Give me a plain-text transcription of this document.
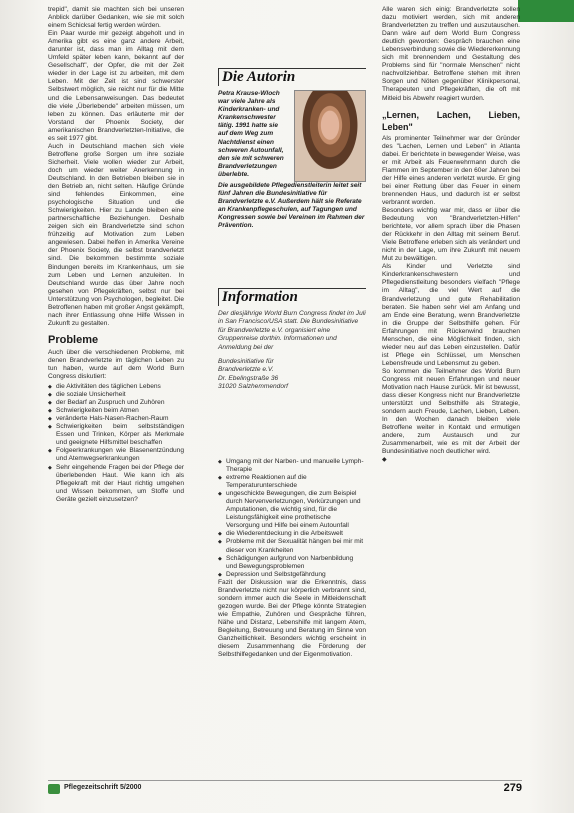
trepid", damit sie machten sich bei unseren Anblick darüber Gedanken, wie sie mit solch einem Schicksal fertig werden würden.

Ein Paar wurde mir gezeigt abgeholt und in Amerika gibt es eine ganz andere Arbeit, darunter ist, dass man im Alltag mit dem Umfeld später leben kann, bekannt auf der Gesellschaft", der Opfer, die mit der Zeit wieder in der Lage ist zu arbeiten, mit dem Leben. Mit der Zeit ist sind schwerster Selbstwert möglich, sie reicht nur für die Mitte und die Lebensanweisungen. Das bedeutet die viele „Überlebende" arbeiten müssen, um leben zu können. Das erläuterte mir der Vorstand der Phoenix Society, der amerikanischen Brandverletzten-Initiative, die es seit 1977 gibt.

Auch in Deutschland machen sich viele Betroffene große Sorgen um ihre soziale Sicherheit. Viele wollen wieder zur Arbeit, doch um wieder weiter Anerkennung in Deutschland. In den Betrieben bleiben sie in den Betrieb an, nicht selten. Häufige Gründe sind fehlendes Einkommen, eine psychologische Situation und die Schwierigkeiten. Hier zu Lande bleiben eine partnerschaftliche Beziehungen. Deshalb zeigen sich ein Brandverletzte sind schon frühzeitig auf Motivation zum Leben angewiesen. Dabei helfen in Amerika Vereine der Phoenix Society, die selbst brandverletzt sind. Die bekommen bestimmte soziale Bindungen bereits im Krankenhaus, um sie zum Leben und Lernen anzuleiten. In Deutschland wurde das über Jahre noch gesehen von Pflegekräften, selbst nur bei Unterstützung von Psychologen, begleitet. Die Betroffenen haben mit großer Angst gekämpft, nach ihrer Entlassung ohne Hilfe Wissen in Zukunft zu gestalten.

Probleme

Auch über die verschiedenen Probleme, mit denen Brandverletzte im täglichen Leben zu tun haben, wurde auf dem World Burn Congress diskutiert:

◆ die Aktivitäten des täglichen Lebens
◆ die soziale Unsicherheit
◆ der Bedarf an Zuspruch und Zuhören
◆ Schwierigkeiten beim Atmen
◆ veränderte Hals-Nasen-Rachen-Raum
◆ Schwierigkeiten beim selbstständigen Essen und Trinken, Körper als Merkmale und geeignete Hilfsmittel beschaffen
◆ Folgeerkrankungen wie Blasenentzündung und Atemwegserkrankungen
◆ Sehr eingehende Fragen bei der Pflege der überlebenden Haut. Wie kann ich als Pflegekraft mit der Haut richtig umgehen und Wissen bekommen, um Stoffe und Geräte gezielt einzusetzen?
Die Autorin
Petra Krause-Wloch war viele Jahre als Kinderkranken- und Krankenschwester tätig. 1991 hatte sie auf dem Weg zum Nachtdienst einen schweren Autounfall, den sie mit schweren Brandverletzungen überlebte.
Die ausgebildete Pflegedienstleiterin leitet seit fünf Jahren die Bundesinitiative für Brandverletzte e.V. Außerdem hält sie Referate an Krankenpflegeschulen, auf Tagungen und Kongressen sowie bei Vereinen im Rahmen der Prävention.
Information

Der diesjährige World Burn Congress findet im Juli in San Francisco/USA statt. Die Bundesinitiative für Brandverletzte e.V. organisiert eine Gruppenreise dorthin. Informationen und Anmeldung bei der

Bundesinitiative für
Brandverletzte e.V.
Dr. Ebelingstraße 36
31020 Salzhemmendorf
◆ Umgang mit der Narben- und manuelle Lymph-Therapie
◆ extreme Reaktionen auf die Temperaturunterschiede
◆ ungeschickte Bewegungen, die zum Beispiel durch Nervenverletzungen, Verkürzungen und Amputationen, die wichtig sind, für die Leistungsfähigkeit eine prothetische Versorgung und Hilfe bei einem Autounfall
◆ die Wiederentdeckung in die Arbeitswelt
◆ Probleme mit der Sexualität hängen bei mir mit dieser von Krankheiten
◆ Schädigungen aufgrund von Narbenbildung und Bewegungsproblemen
◆ Depression und Selbstgefährdung

Fazit der Diskussion war die Erkenntnis, dass Brandverletzte nicht nur körperlich verbrannt sind, sondern immer auch die Seele in Mitleidenschaft gezogen wurde. Bei der Pflege könnte Strategien wie Empathie, Zuhören und Gespräche führen, Nähe und Distanz, Lebenshilfe mit langem Atem, Begleitung, Betreuung und Beratung im Sinne von Ganzheitlichkeit. Besonders wichtig erscheint in diesem Zusammenhang die Förderung der Selbsthilfegedanken und der Eigenmotivation.

Alle waren sich einig: Brandverletzte sollen dazu motiviert werden, sich mit anderen Brandverletzten zu treffen und auszutauschen. Dann wäre auf dem World Burn Congress deutlich geworden: Gespräch brauchen eine Lebensverbindung sowie die Wiedererkennung sich mit brennendem und Gestaltung des Problems sind für "normale Menschen" nicht nachvollziehbar. Betroffene stehen mit ihren Sorgen und Nöten gegenüber Klinikpersonal, Therapeuten und Pflegekräften, die oft mit Mitleid bis Abwehr reagiert wurden.

„Lernen, Lachen, Lieben, Leben"

Als prominenter Teilnehmer war der Gründer des "Lachen, Lernen und Leben" in Atlanta dabei. Er berichtete in bewegender Weise, was er mit Arbeit als Feuerwehrmann durch die Flammen im September in den 60er Jahren bei der Hilfe eines anderen verletzt wurde. Er ging bei einer Rettung über das Feuer in einem brennenden Haus, und dadurch ist er selbst verbrannt worden.

Besonders wichtig war mir, dass er über die Bedeutung von "Brandverletzten-Hilfen" berichtete, vor allem sprach über die Phasen der Rückkehr in den Alltag mit seinem Beruf. Viele Betroffene erleben sich als verändert und nicht in der Lage, um ihre Zukunft mit neuem Mut zu bewältigen.

Als Kinder und Verletzte sind Kinderkrankenschwestern und Pflegedienstleitung besonders vielfach "Pflege im Alltag", die viel Wert auf die Brandverletzung und gute Rehabilitation beraten. Sie haben sehr viel am Anfang und am Ende eine Beratung, wenn Brandverletzte in die Gruppe der Selbsthilfe gehen. Für Erfahrungen mit Rückenwind brauchen Menschen, die eine Möglichkeit finden, sich wieder neu auf das Leben einzustellen. Dafür ist Pflege ein Schlüssel, um Menschen Lebensfreude und Lebensmut zu geben.

So kommen die Teilnehmer des World Burn Congress mit neuen Erfahrungen und neuer Motivation nach Hause zurück. Mir ist bewusst, dass dieser Kongress nicht nur Brandverletzte unterstützt und Selbsthilfe als Strategie, sondern auch Freude, Lachen, Lieben, Leben. In den Wochen danach bleiben viele Betroffene weiter in Kontakt und ermutigen andere, zum Austausch und zur Zusammenarbeit, wie es mit der Arbeit der Bundesinitiative noch deutlicher wird.

◆
Pflegezeitschrift 5/2000	279
